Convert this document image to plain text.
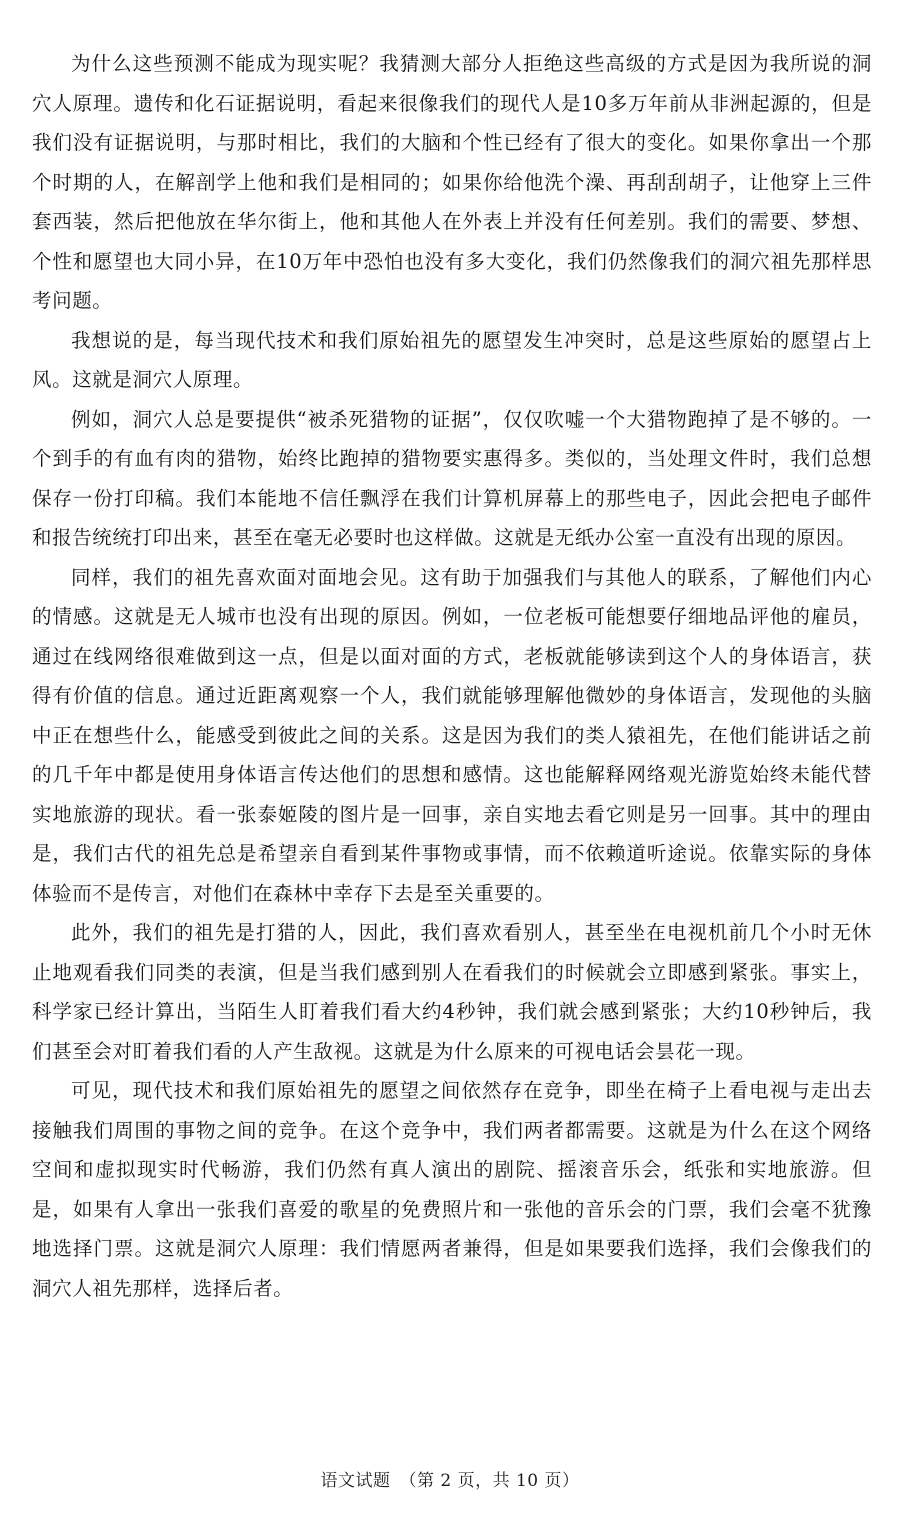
为什么这些预测不能成为现实呢？我猜测大部分人拒绝这些高级的方式是因为我所说的洞穴人原理。遗传和化石证据说明，看起来很像我们的现代人是10多万年前从非洲起源的，但是我们没有证据说明，与那时相比，我们的大脑和个性已经有了很大的变化。如果你拿出一个那个时期的人，在解剖学上他和我们是相同的；如果你给他洗个澡、再刮刮胡子，让他穿上三件套西装，然后把他放在华尔街上，他和其他人在外表上并没有任何差别。我们的需要、梦想、个性和愿望也大同小异，在10万年中恐怕也没有多大变化，我们仍然像我们的洞穴祖先那样思考问题。

我想说的是，每当现代技术和我们原始祖先的愿望发生冲突时，总是这些原始的愿望占上风。这就是洞穴人原理。

例如，洞穴人总是要提供“被杀死猎物的证据”，仅仅吹嘘一个大猎物跑掉了是不够的。一个到手的有血有肉的猎物，始终比跑掉的猎物要实惠得多。类似的，当处理文件时，我们总想保存一份打印稿。我们本能地不信任飘浮在我们计算机屏幕上的那些电子，因此会把电子邮件和报告统统打印出来，甚至在毫无必要时也这样做。这就是无纸办公室一直没有出现的原因。

同样，我们的祖先喜欢面对面地会见。这有助于加强我们与其他人的联系，了解他们内心的情感。这就是无人城市也没有出现的原因。例如，一位老板可能想要仔细地品评他的雇员，通过在线网络很难做到这一点，但是以面对面的方式，老板就能够读到这个人的身体语言，获得有价值的信息。通过近距离观察一个人，我们就能够理解他微妙的身体语言，发现他的头脑中正在想些什么，能感受到彼此之间的关系。这是因为我们的类人猿祖先，在他们能讲话之前的几千年中都是使用身体语言传达他们的思想和感情。这也能解释网络观光游览始终未能代替实地旅游的现状。看一张泰姬陵的图片是一回事，亲自实地去看它则是另一回事。其中的理由是，我们古代的祖先总是希望亲自看到某件事物或事情，而不依赖道听途说。依靠实际的身体体验而不是传言，对他们在森林中幸存下去是至关重要的。

此外，我们的祖先是打猎的人，因此，我们喜欢看别人，甚至坐在电视机前几个小时无休止地观看我们同类的表演，但是当我们感到别人在看我们的时候就会立即感到紧张。事实上，科学家已经计算出，当陌生人盯着我们看大约4秒钟，我们就会感到紧张；大约10秒钟后，我们甚至会对盯着我们看的人产生敌视。这就是为什么原来的可视电话会昙花一现。

可见，现代技术和我们原始祖先的愿望之间依然存在竞争，即坐在椅子上看电视与走出去接触我们周围的事物之间的竞争。在这个竞争中，我们两者都需要。这就是为什么在这个网络空间和虚拟现实时代畅游，我们仍然有真人演出的剧院、摇滚音乐会，纸张和实地旅游。但是，如果有人拿出一张我们喜爱的歌星的免费照片和一张他的音乐会的门票，我们会毫不犹豫地选择门票。这就是洞穴人原理：我们情愿两者兼得，但是如果要我们选择，我们会像我们的洞穴人祖先那样，选择后者。

语文试题　（第 2 页，共 10 页）
